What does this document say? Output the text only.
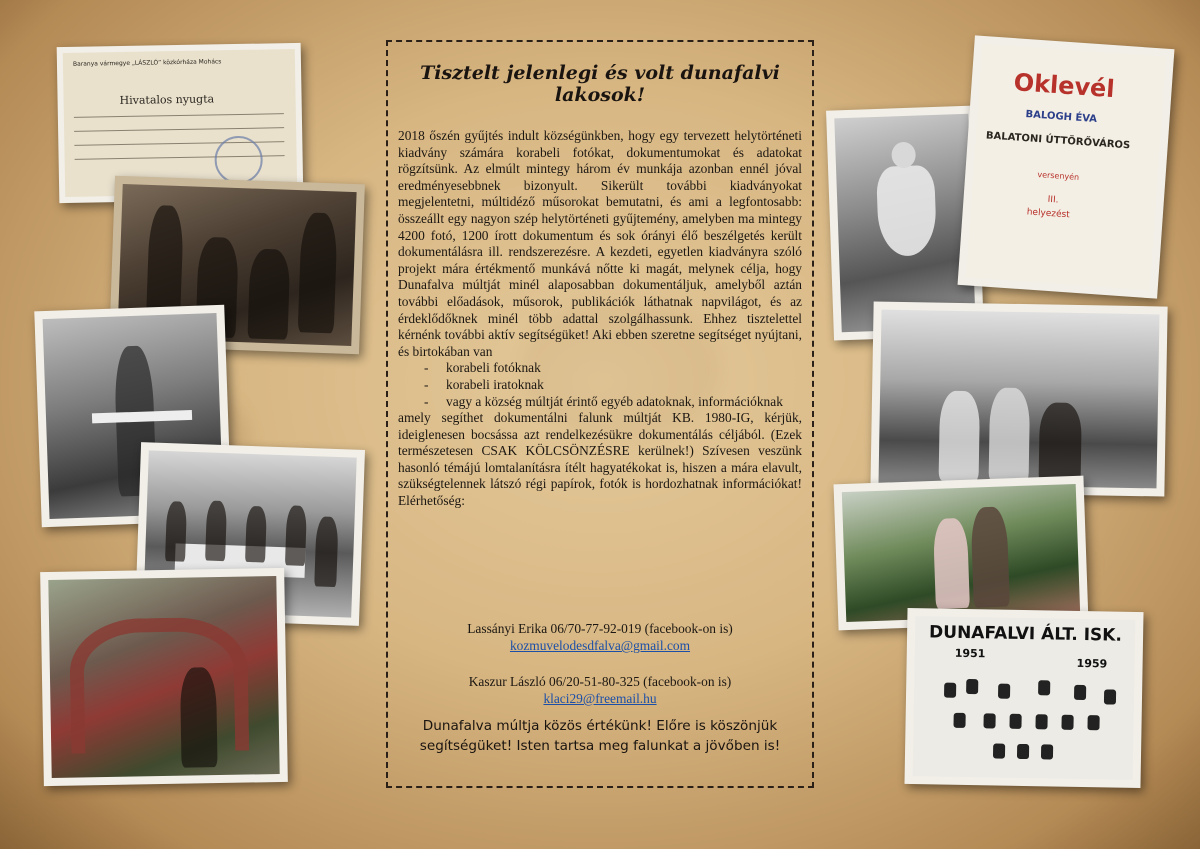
Baranya vármegye „LÁSZLÓ” közkórháza Mohács
Hivatalos nyugta	Oklevél
BALOGH ÉVA
BALATONI ÚTTÖRŐVÁROS
versenyén
III.
helyezést
DUNAFALVI ÁLT. ISK.
1951
1959
Tisztelt jelenlegi és volt dunafalvi lakosok!

2018 őszén gyűjtés indult községünkben, hogy egy tervezett helytörténeti kiadvány számára korabeli fotókat, dokumentumokat és adatokat rögzítsünk. Az elmúlt mintegy három év munkája azonban ennél jóval eredményesebbnek bizonyult. Sikerült további kiadványokat megjelentetni, múltidéző műsorokat bemutatni, és ami a legfontosabb: összeállt egy nagyon szép helytörténeti gyűjtemény, amelyben ma mintegy 4200 fotó, 1200 írott dokumentum és sok órányi élő beszélgetés került dokumentálásra ill. rendszerezésre. A kezdeti, egyetlen kiadványra szóló projekt mára értékmentő munkává nőtte ki magát, melynek célja, hogy Dunafalva múltját minél alaposabban dokumentáljuk, amelyből aztán további előadások, műsorok, publikációk láthatnak napvilágot, és az érdeklődőknek minél több adattal szolgálhassunk. Ehhez tisztelettel kérnénk további aktív segítségüket! Aki ebben szeretne segítséget nyújtani, és birtokában van

- korabeli fotóknak
- korabeli iratoknak
- vagy a község múltját érintő egyéb adatoknak, információknak

amely segíthet dokumentálni falunk múltját KB. 1980-IG, kérjük, ideiglenesen bocsássa azt rendelkezésükre dokumentálás céljából. (Ezek természetesen CSAK KÖLCSÖNZÉSRE kerülnek!) Szívesen veszünk hasonló témájú lomtalanításra ítélt hagyatékokat is, hiszen a mára elavult, szükségtelennek látszó régi papírok, fotók is hordozhatnak információkat! Elérhetőség:

Lassányi Erika 06/70-77-92-019 (facebook-on is)
kozmuvelodesdfalva@gmail.com
Kaszur László 06/20-51-80-325 (facebook-on is)
klaci29@freemail.hu
Dunafalva múltja közös értékünk! Előre is köszönjük
segítségüket! Isten tartsa meg falunkat a jövőben is!
